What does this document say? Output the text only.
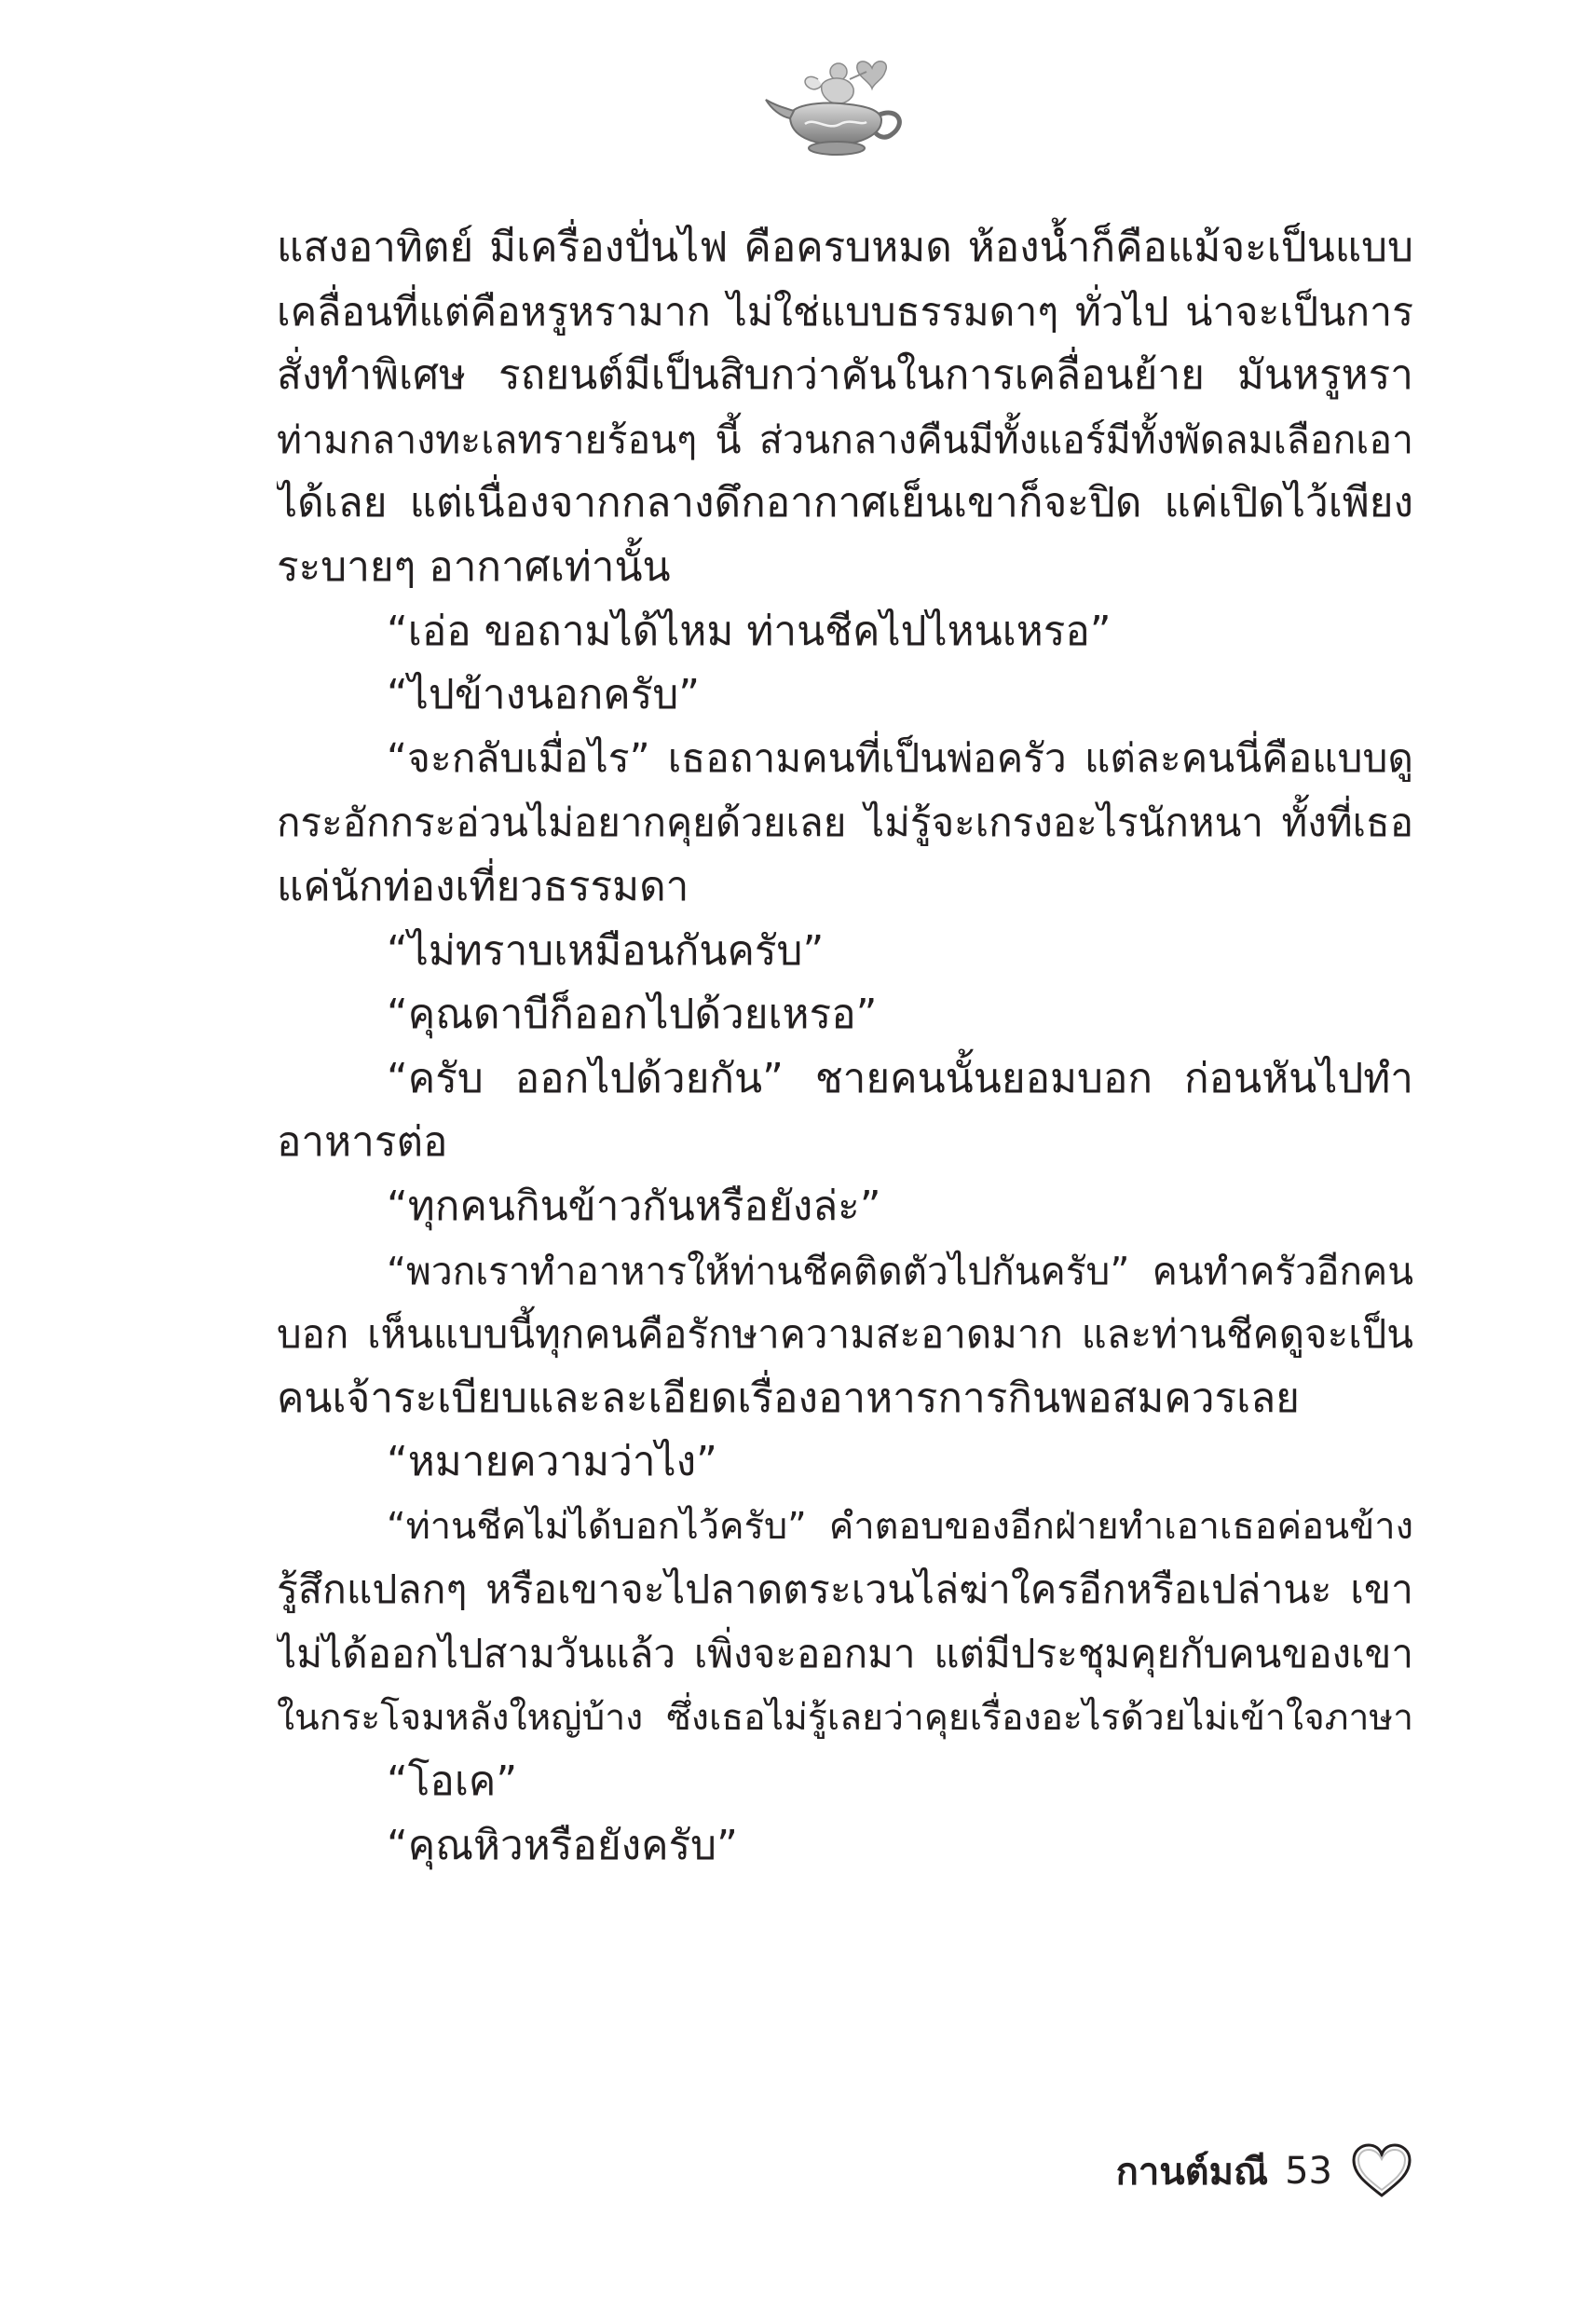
แสงอาทิตย์ มีเครื่องปั่นไฟ คือครบหมด ห้องน้ำก็คือแม้จะเป็นแบบ
เคลื่อนที่แต่คือหรูหรามาก ไม่ใช่แบบธรรมดาๆ ทั่วไป น่าจะเป็นการ
สั่งทำพิเศษ รถยนต์มีเป็นสิบกว่าคันในการเคลื่อนย้าย มันหรูหรา
ท่ามกลางทะเลทรายร้อนๆ นี้ ส่วนกลางคืนมีทั้งแอร์มีทั้งพัดลมเลือกเอา
ได้เลย แต่เนื่องจากกลางดึกอากาศเย็นเขาก็จะปิด แค่เปิดไว้เพียง
ระบายๆ อากาศเท่านั้น
“เอ่อ ขอถามได้ไหม ท่านชีคไปไหนเหรอ”
“ไปข้างนอกครับ”
“จะกลับเมื่อไร” เธอถามคนที่เป็นพ่อครัว แต่ละคนนี่คือแบบดู
กระอักกระอ่วนไม่อยากคุยด้วยเลย ไม่รู้จะเกรงอะไรนักหนา ทั้งที่เธอ
แค่นักท่องเที่ยวธรรมดา
“ไม่ทราบเหมือนกันครับ”
“คุณดาบีก็ออกไปด้วยเหรอ”
“ครับ ออกไปด้วยกัน” ชายคนนั้นยอมบอก ก่อนหันไปทำ
อาหารต่อ
“ทุกคนกินข้าวกันหรือยังล่ะ”
“พวกเราทำอาหารให้ท่านชีคติดตัวไปกันครับ” คนทำครัวอีกคน
บอก เห็นแบบนี้ทุกคนคือรักษาความสะอาดมาก และท่านชีคดูจะเป็น
คนเจ้าระเบียบและละเอียดเรื่องอาหารการกินพอสมควรเลย
“หมายความว่าไง”
“ท่านชีคไม่ได้บอกไว้ครับ” คำตอบของอีกฝ่ายทำเอาเธอค่อนข้าง
รู้สึกแปลกๆ หรือเขาจะไปลาดตระเวนไล่ฆ่าใครอีกหรือเปล่านะ เขา
ไม่ได้ออกไปสามวันแล้ว เพิ่งจะออกมา แต่มีประชุมคุยกับคนของเขา
ในกระโจมหลังใหญ่บ้าง ซึ่งเธอไม่รู้เลยว่าคุยเรื่องอะไรด้วยไม่เข้าใจภาษา
“โอเค”
“คุณหิวหรือยังครับ”
กานต์มณี 53
